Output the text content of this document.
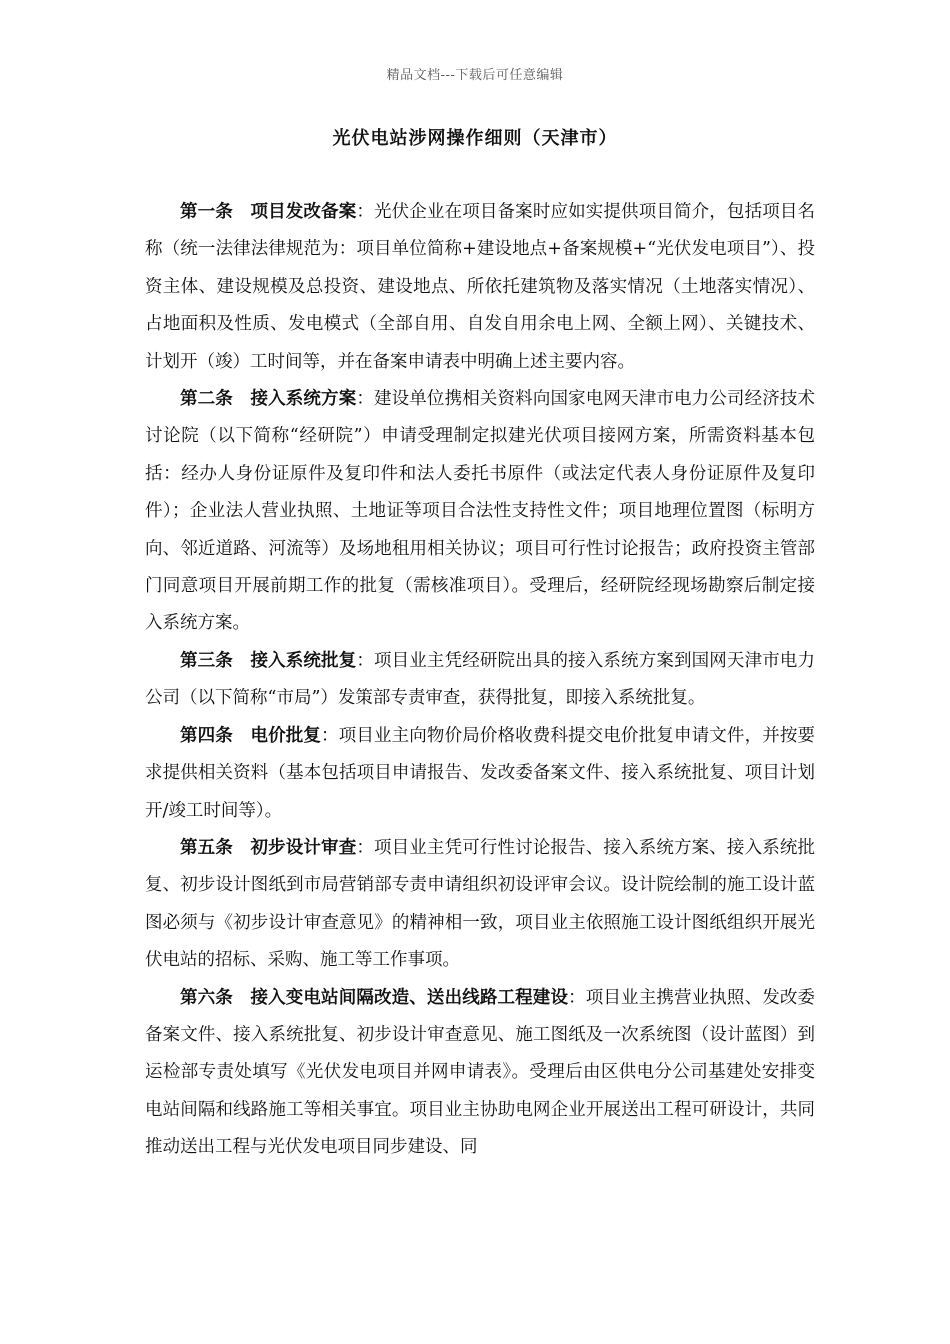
精品文档---下载后可任意编辑
光伏电站涉网操作细则（天津市）

第一条 项目发改备案：光伏企业在项目备案时应如实提供项目简介，包括项目名称（统一法律法律规范为：项目单位简称+建设地点+备案规模+“光伏发电项目”）、投资主体、建设规模及总投资、建设地点、所依托建筑物及落实情况（土地落实情况）、占地面积及性质、发电模式（全部自用、自发自用余电上网、全额上网）、关键技术、计划开（竣）工时间等，并在备案申请表中明确上述主要内容。

第二条 接入系统方案：建设单位携相关资料向国家电网天津市电力公司经济技术讨论院（以下简称“经研院”）申请受理制定拟建光伏项目接网方案，所需资料基本包括：经办人身份证原件及复印件和法人委托书原件（或法定代表人身份证原件及复印件）；企业法人营业执照、土地证等项目合法性支持性文件；项目地理位置图（标明方向、邻近道路、河流等）及场地租用相关协议；项目可行性讨论报告；政府投资主管部门同意项目开展前期工作的批复（需核准项目）。受理后，经研院经现场勘察后制定接入系统方案。

第三条 接入系统批复：项目业主凭经研院出具的接入系统方案到国网天津市电力公司（以下简称“市局”）发策部专责审查，获得批复，即接入系统批复。

第四条 电价批复：项目业主向物价局价格收费科提交电价批复申请文件，并按要求提供相关资料（基本包括项目申请报告、发改委备案文件、接入系统批复、项目计划开/竣工时间等）。

第五条 初步设计审查：项目业主凭可行性讨论报告、接入系统方案、接入系统批复、初步设计图纸到市局营销部专责申请组织初设评审会议。设计院绘制的施工设计蓝图必须与《初步设计审查意见》的精神相一致，项目业主依照施工设计图纸组织开展光伏电站的招标、采购、施工等工作事项。

第六条 接入变电站间隔改造、送出线路工程建设：项目业主携营业执照、发改委备案文件、接入系统批复、初步设计审查意见、施工图纸及一次系统图（设计蓝图）到运检部专责处填写《光伏发电项目并网申请表》。受理后由区供电分公司基建处安排变电站间隔和线路施工等相关事宜。项目业主协助电网企业开展送出工程可研设计，共同推动送出工程与光伏发电项目同步建设、同
